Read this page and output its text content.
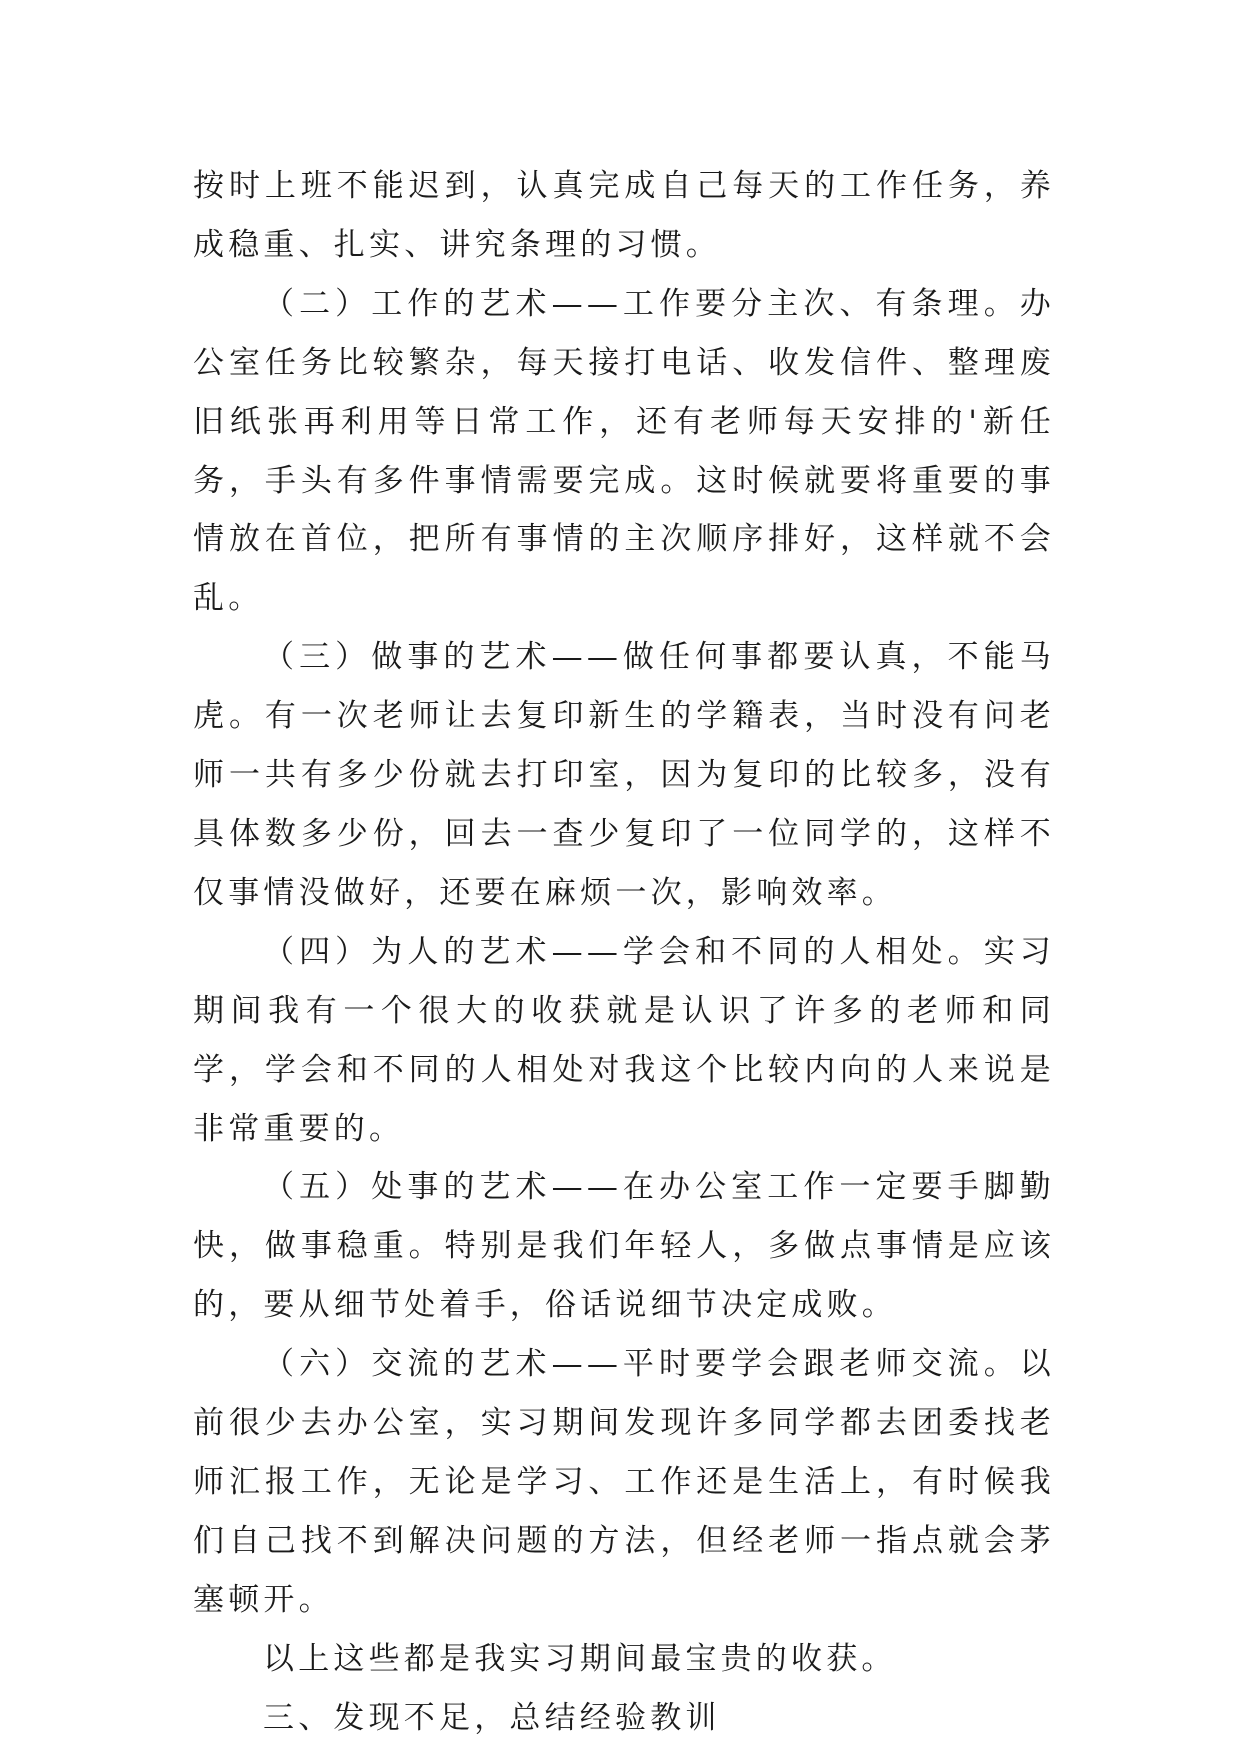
按时上班不能迟到，认真完成自己每天的工作任务，养成稳重、扎实、讲究条理的习惯。

（二）工作的艺术——工作要分主次、有条理。办公室任务比较繁杂，每天接打电话、收发信件、整理废旧纸张再利用等日常工作，还有老师每天安排的'新任务，手头有多件事情需要完成。这时候就要将重要的事情放在首位，把所有事情的主次顺序排好，这样就不会乱。

（三）做事的艺术——做任何事都要认真，不能马虎。有一次老师让去复印新生的学籍表，当时没有问老师一共有多少份就去打印室，因为复印的比较多，没有具体数多少份，回去一查少复印了一位同学的，这样不仅事情没做好，还要在麻烦一次，影响效率。

（四）为人的艺术——学会和不同的人相处。实习期间我有一个很大的收获就是认识了许多的老师和同学，学会和不同的人相处对我这个比较内向的人来说是非常重要的。

（五）处事的艺术——在办公室工作一定要手脚勤快，做事稳重。特别是我们年轻人，多做点事情是应该的，要从细节处着手，俗话说细节决定成败。

（六）交流的艺术——平时要学会跟老师交流。以前很少去办公室，实习期间发现许多同学都去团委找老师汇报工作，无论是学习、工作还是生活上，有时候我们自己找不到解决问题的方法，但经老师一指点就会茅塞顿开。

以上这些都是我实习期间最宝贵的收获。

三、发现不足，总结经验教训
